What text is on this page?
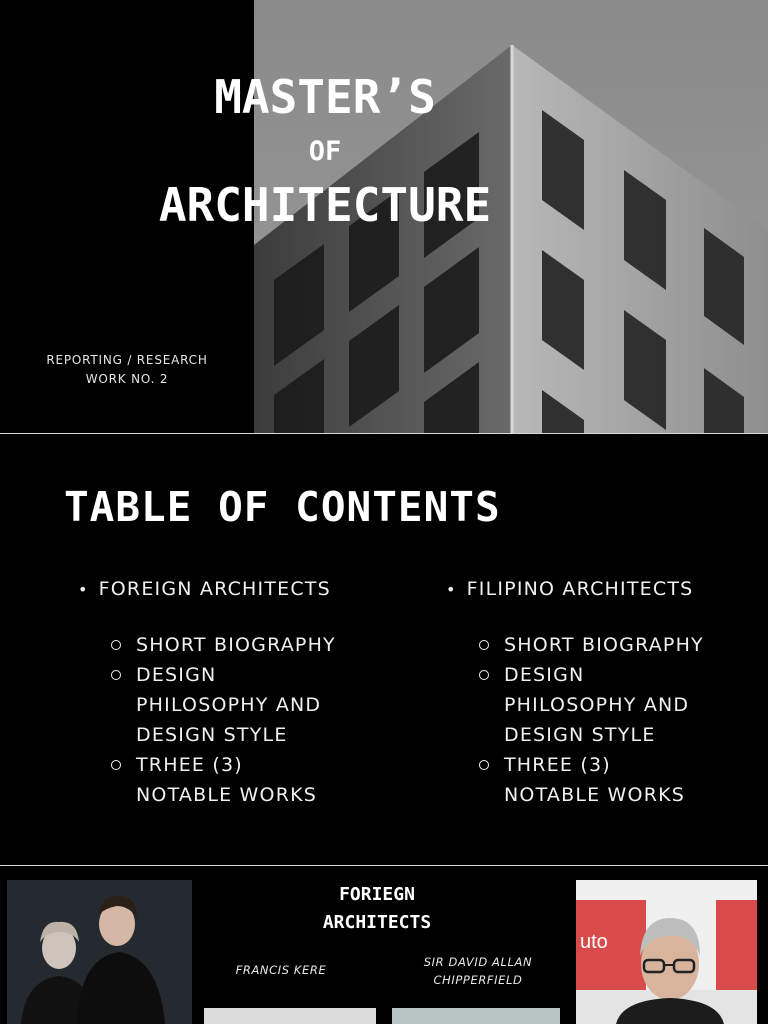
MASTER’S
OF
ARCHITECTURE
REPORTING / RESEARCH
WORK NO. 2
TABLE OF CONTENTS
• FOREIGN ARCHITECTS
SHORT BIOGRAPHY
DESIGN
PHILOSOPHY AND
DESIGN STYLE
TRHEE (3)
NOTABLE WORKS
• FILIPINO ARCHITECTS
SHORT BIOGRAPHY
DESIGN
PHILOSOPHY AND
DESIGN STYLE
THREE (3)
NOTABLE WORKS
FORIEGN
ARCHITECTS
FRANCIS KERE
SIR DAVID ALLAN
CHIPPERFIELD
uto
